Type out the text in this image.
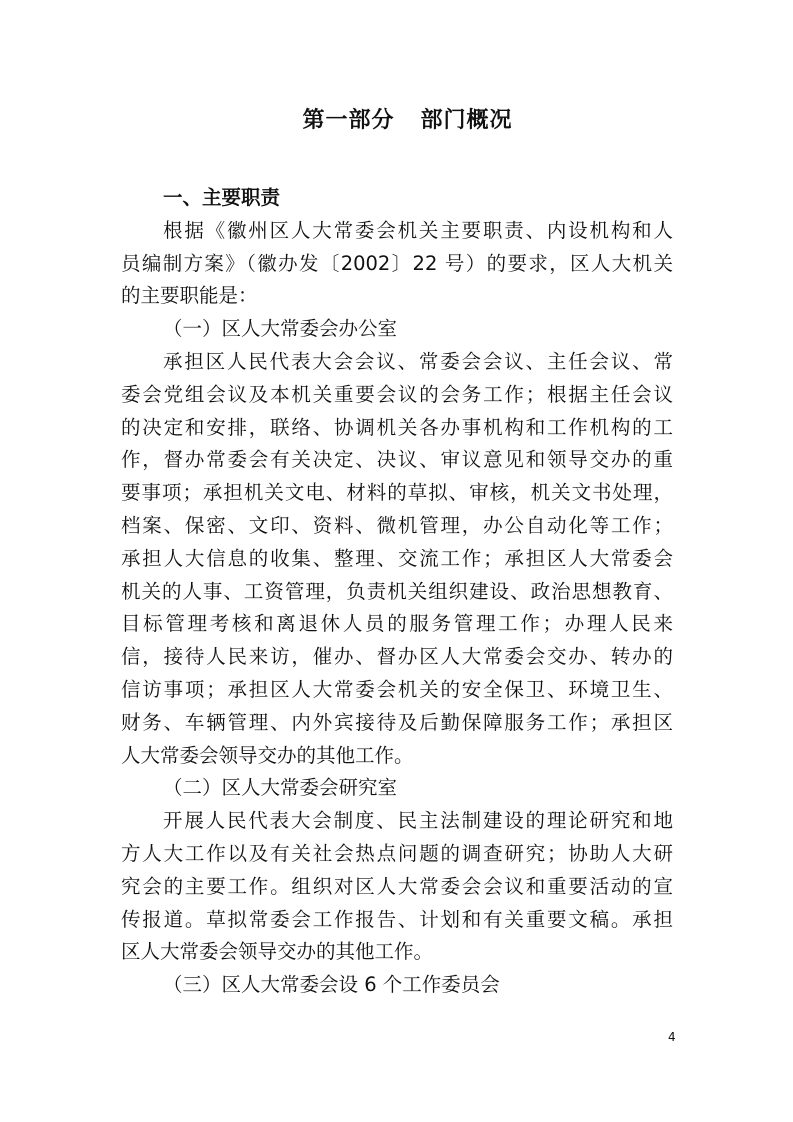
第一部分   部门概况
一、主要职责
根据《徽州区人大常委会机关主要职责、内设机构和人
员编制方案》（徽办发〔2002〕22 号）的要求，区人大机关
的主要职能是：
（一）区人大常委会办公室
承担区人民代表大会会议、常委会会议、主任会议、常
委会党组会议及本机关重要会议的会务工作；根据主任会议
的决定和安排，联络、协调机关各办事机构和工作机构的工
作，督办常委会有关决定、决议、审议意见和领导交办的重
要事项；承担机关文电、材料的草拟、审核，机关文书处理，
档案、保密、文印、资料、微机管理，办公自动化等工作；
承担人大信息的收集、整理、交流工作；承担区人大常委会
机关的人事、工资管理，负责机关组织建设、政治思想教育、
目标管理考核和离退休人员的服务管理工作；办理人民来
信，接待人民来访，催办、督办区人大常委会交办、转办的
信访事项；承担区人大常委会机关的安全保卫、环境卫生、
财务、车辆管理、内外宾接待及后勤保障服务工作；承担区
人大常委会领导交办的其他工作。
（二）区人大常委会研究室
开展人民代表大会制度、民主法制建设的理论研究和地
方人大工作以及有关社会热点问题的调查研究；协助人大研
究会的主要工作。组织对区人大常委会会议和重要活动的宣
传报道。草拟常委会工作报告、计划和有关重要文稿。承担
区人大常委会领导交办的其他工作。
（三）区人大常委会设 6 个工作委员会
4
